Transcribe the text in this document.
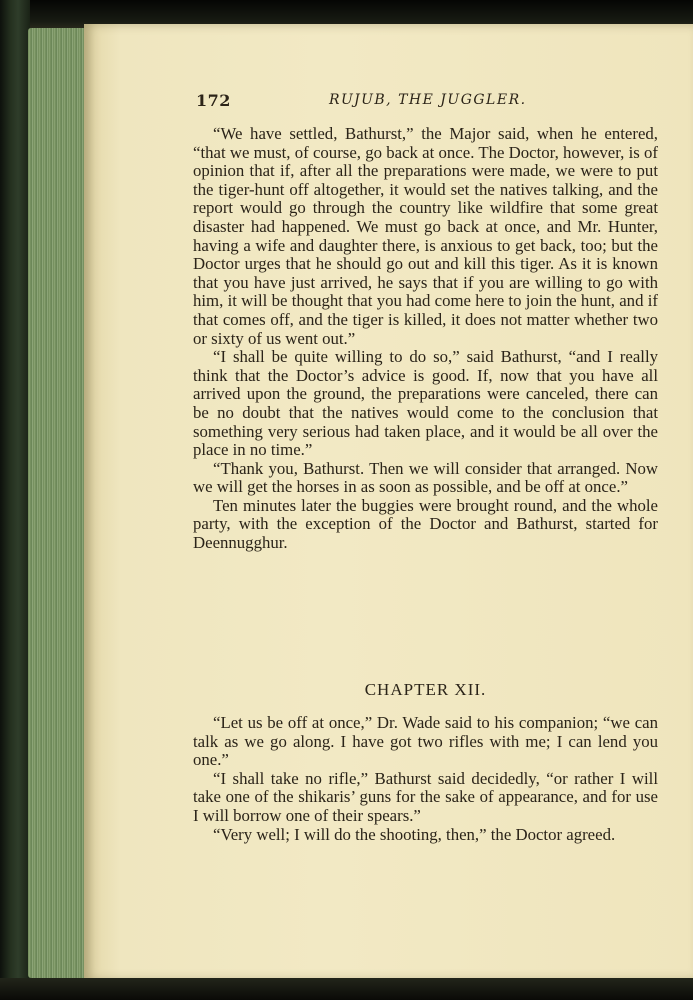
172	RUJUB, THE JUGGLER.

“We have settled, Bathurst,” the Major said, when he entered, “that we must, of course, go back at once. The Doctor, however, is of opinion that if, after all the preparations were made, we were to put the tiger-hunt off altogether, it would set the natives talking, and the report would go through the country like wildfire that some great disaster had happened. We must go back at once, and Mr. Hunter, having a wife and daughter there, is anxious to get back, too; but the Doctor urges that he should go out and kill this tiger. As it is known that you have just arrived, he says that if you are willing to go with him, it will be thought that you had come here to join the hunt, and if that comes off, and the tiger is killed, it does not matter whether two or sixty of us went out.”

“I shall be quite willing to do so,” said Bathurst, “and I really think that the Doctor’s advice is good. If, now that you have all arrived upon the ground, the preparations were canceled, there can be no doubt that the natives would come to the conclusion that something very serious had taken place, and it would be all over the place in no time.”

“Thank you, Bathurst. Then we will consider that arranged. Now we will get the horses in as soon as possible, and be off at once.”

Ten minutes later the buggies were brought round, and the whole party, with the exception of the Doctor and Bathurst, started for Deennugghur.

CHAPTER XII.

“Let us be off at once,” Dr. Wade said to his companion; “we can talk as we go along. I have got two rifles with me; I can lend you one.”

“I shall take no rifle,” Bathurst said decidedly, “or rather I will take one of the shikaris’ guns for the sake of appearance, and for use I will borrow one of their spears.”

“Very well; I will do the shooting, then,” the Doctor agreed.
